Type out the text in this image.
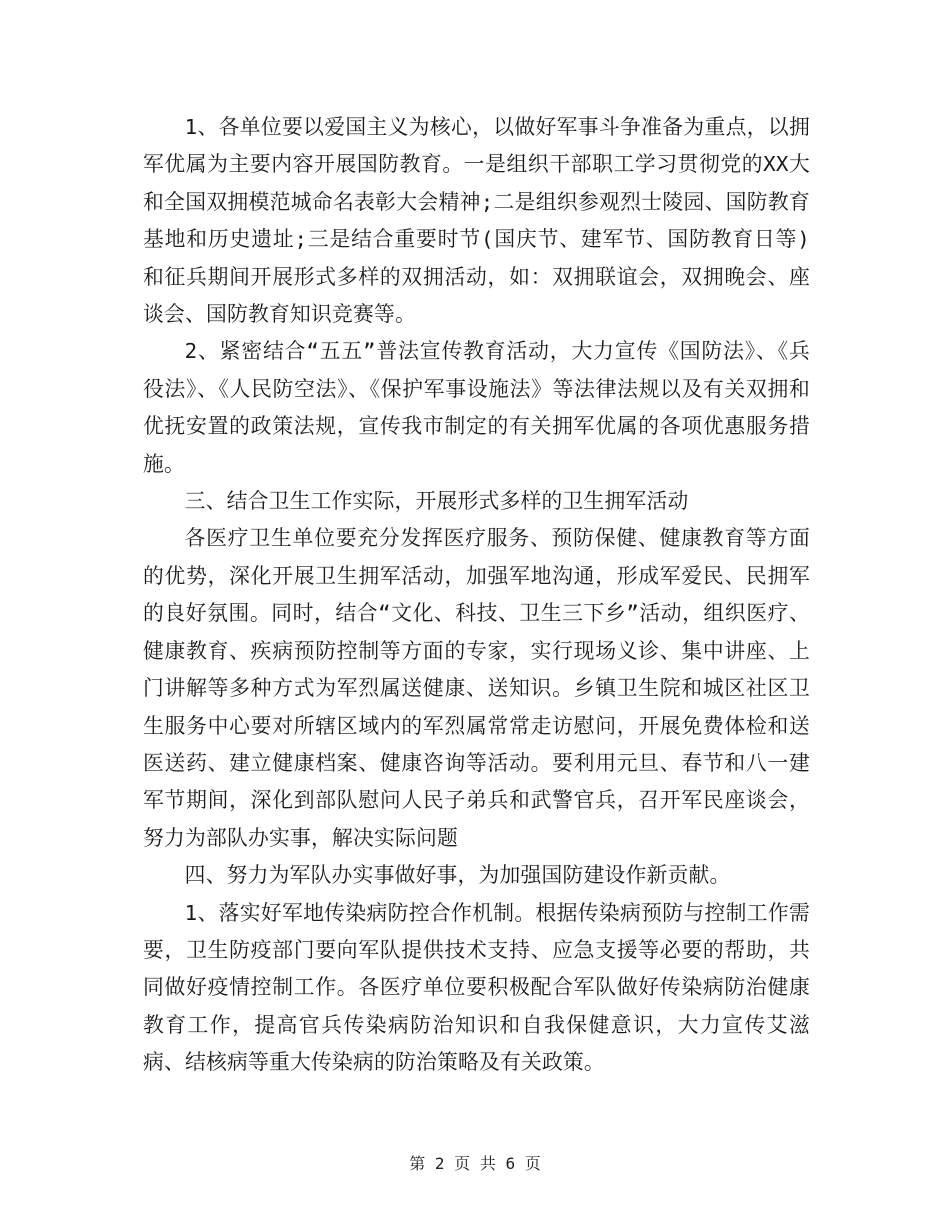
1、各单位要以爱国主义为核心，以做好军事斗争准备为重点，以拥军优属为主要内容开展国防教育。一是组织干部职工学习贯彻党的XX大和全国双拥模范城命名表彰大会精神;二是组织参观烈士陵园、国防教育基地和历史遗址;三是结合重要时节(国庆节、建军节、国防教育日等)和征兵期间开展形式多样的双拥活动，如：双拥联谊会，双拥晚会、座谈会、国防教育知识竞赛等。

2、紧密结合“五五”普法宣传教育活动，大力宣传《国防法》、《兵役法》、《人民防空法》、《保护军事设施法》等法律法规以及有关双拥和优抚安置的政策法规，宣传我市制定的有关拥军优属的各项优惠服务措施。

三、结合卫生工作实际，开展形式多样的卫生拥军活动

各医疗卫生单位要充分发挥医疗服务、预防保健、健康教育等方面的优势，深化开展卫生拥军活动，加强军地沟通，形成军爱民、民拥军的良好氛围。同时，结合“文化、科技、卫生三下乡”活动，组织医疗、健康教育、疾病预防控制等方面的专家，实行现场义诊、集中讲座、上门讲解等多种方式为军烈属送健康、送知识。乡镇卫生院和城区社区卫生服务中心要对所辖区域内的军烈属常常走访慰问，开展免费体检和送医送药、建立健康档案、健康咨询等活动。要利用元旦、春节和八一建军节期间，深化到部队慰问人民子弟兵和武警官兵，召开军民座谈会，努力为部队办实事，解决实际问题

四、努力为军队办实事做好事，为加强国防建设作新贡献。

1、落实好军地传染病防控合作机制。根据传染病预防与控制工作需要，卫生防疫部门要向军队提供技术支持、应急支援等必要的帮助，共同做好疫情控制工作。各医疗单位要积极配合军队做好传染病防治健康教育工作，提高官兵传染病防治知识和自我保健意识，大力宣传艾滋病、结核病等重大传染病的防治策略及有关政策。

第 2 页 共 6 页
